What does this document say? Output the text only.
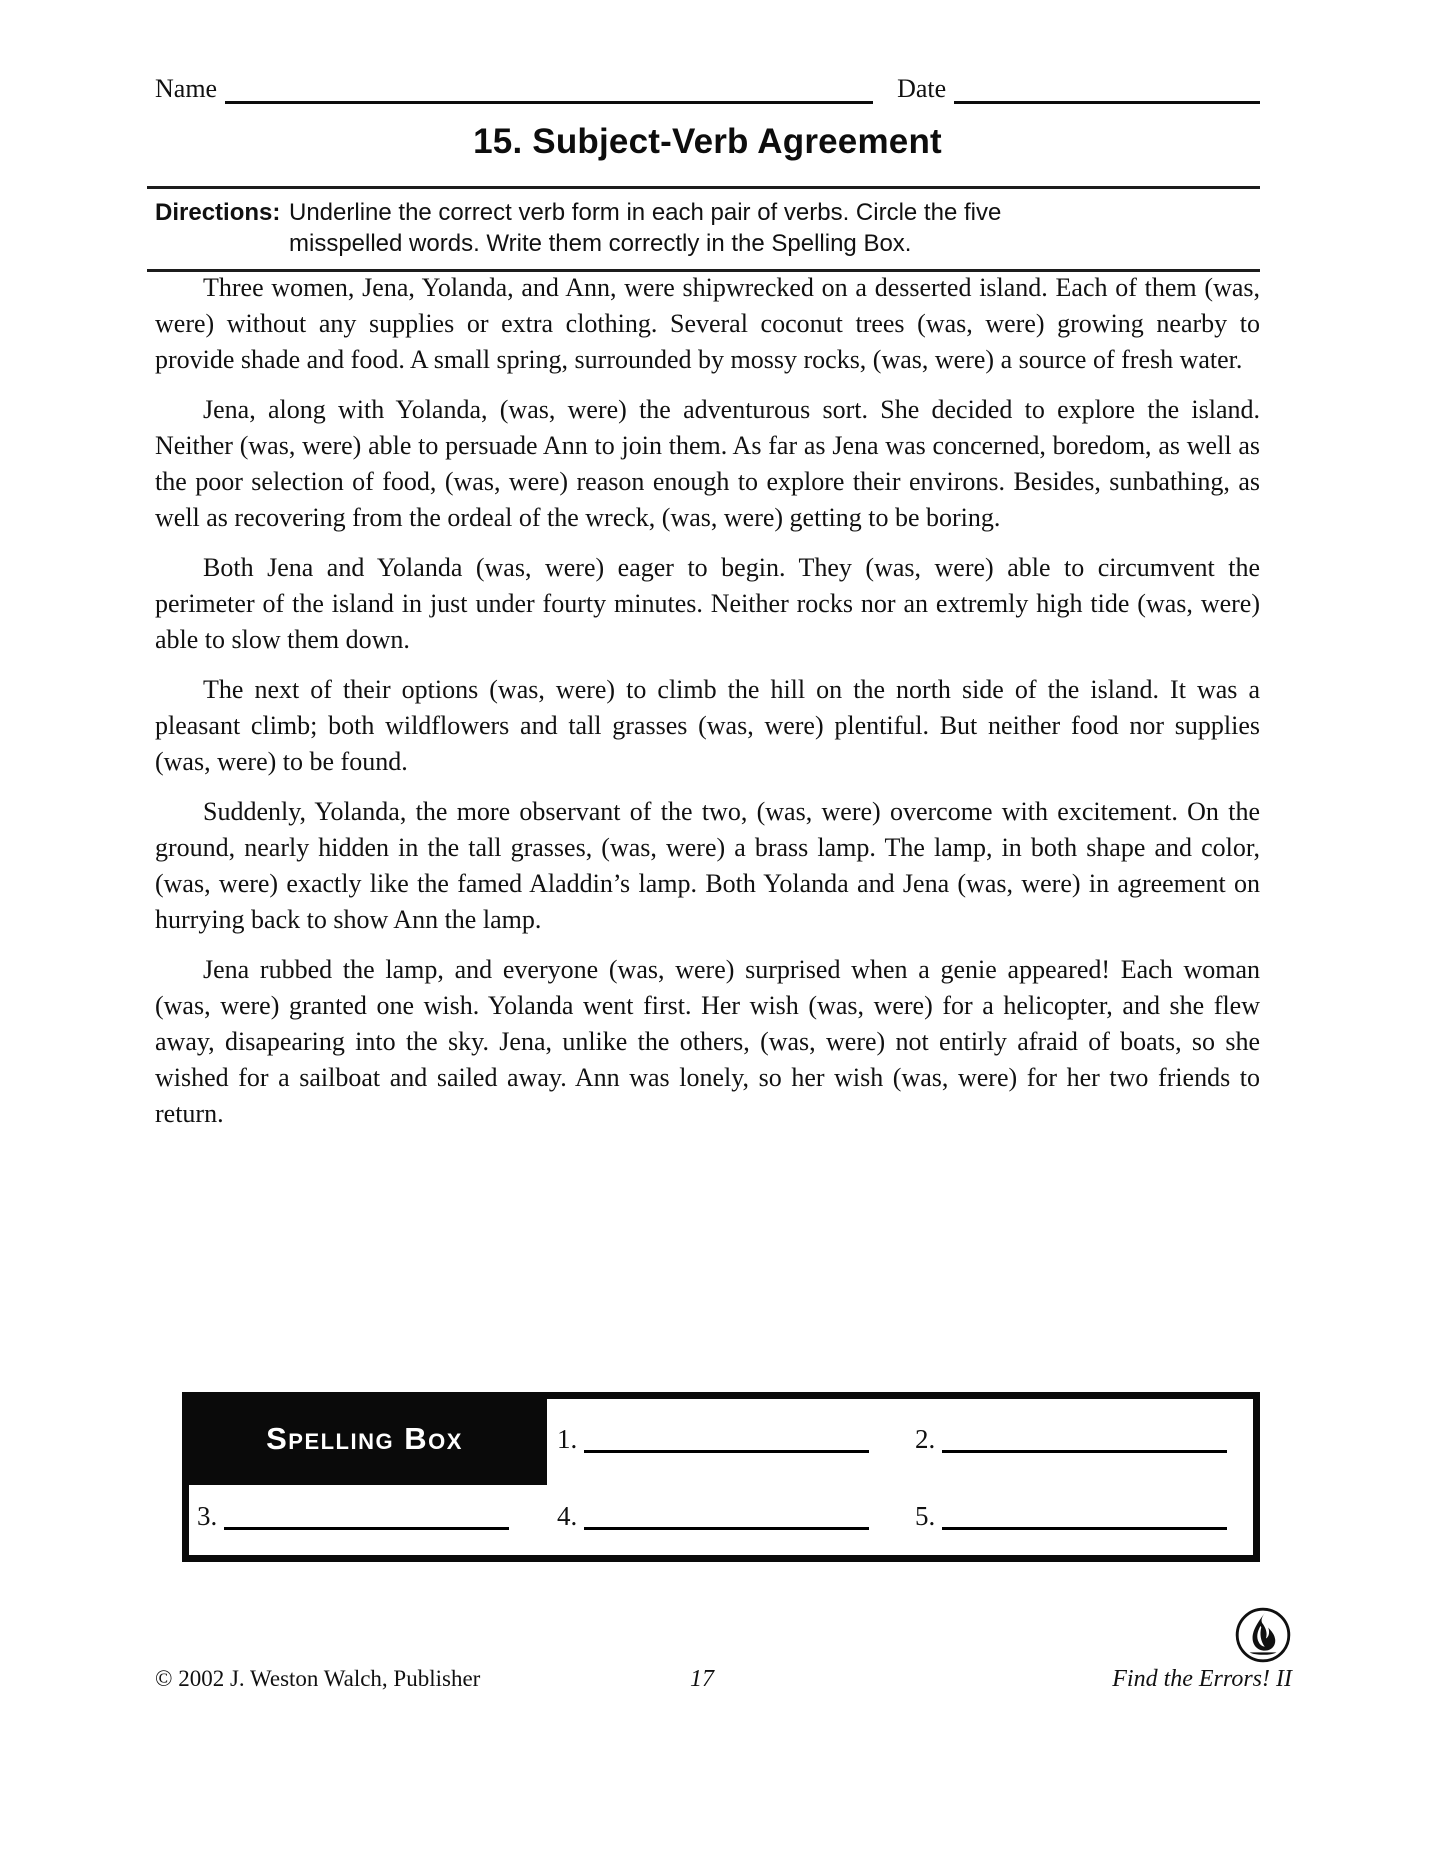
Name	Date
15. Subject-Verb Agreement
Directions: Underline the correct verb form in each pair of verbs. Circle the five misspelled words. Write them correctly in the Spelling Box.

Three women, Jena, Yolanda, and Ann, were shipwrecked on a desserted island. Each of them (was, were) without any supplies or extra clothing. Several coconut trees (was, were) growing nearby to provide shade and food. A small spring, surrounded by mossy rocks, (was, were) a source of fresh water.

Jena, along with Yolanda, (was, were) the adventurous sort. She decided to explore the island. Neither (was, were) able to persuade Ann to join them. As far as Jena was concerned, boredom, as well as the poor selection of food, (was, were) reason enough to explore their environs. Besides, sunbathing, as well as recovering from the ordeal of the wreck, (was, were) getting to be boring.

Both Jena and Yolanda (was, were) eager to begin. They (was, were) able to circumvent the perimeter of the island in just under fourty minutes. Neither rocks nor an extremly high tide (was, were) able to slow them down.

The next of their options (was, were) to climb the hill on the north side of the island. It was a pleasant climb; both wildflowers and tall grasses (was, were) plentiful. But neither food nor supplies (was, were) to be found.

Suddenly, Yolanda, the more observant of the two, (was, were) overcome with excitement. On the ground, nearly hidden in the tall grasses, (was, were) a brass lamp. The lamp, in both shape and color, (was, were) exactly like the famed Aladdin’s lamp. Both Yolanda and Jena (was, were) in agreement on hurrying back to show Ann the lamp.

Jena rubbed the lamp, and everyone (was, were) surprised when a genie appeared! Each woman (was, were) granted one wish. Yolanda went first. Her wish (was, were) for a helicopter, and she flew away, disapearing into the sky. Jena, unlike the others, (was, were) not entirly afraid of boats, so she wished for a sailboat and sailed away. Ann was lonely, so her wish (was, were) for her two friends to return.

Spelling Box	1.	2.
3.	4.	5.
© 2002 J. Weston Walch, Publisher	17	Find the Errors! II
